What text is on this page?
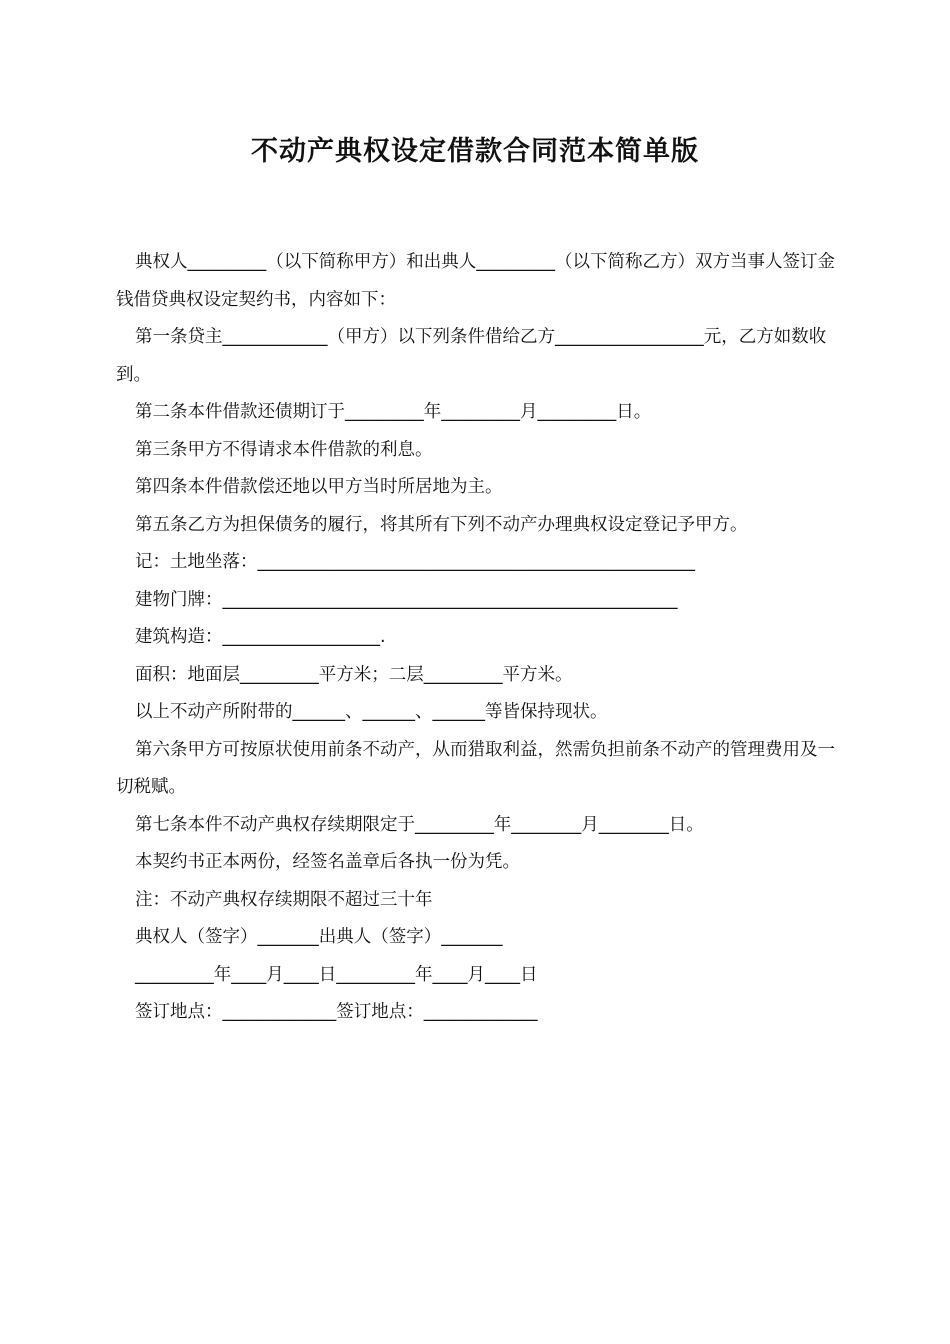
不动产典权设定借款合同范本简单版

典权人_________（以下简称甲方）和出典人_________（以下简称乙方）双方当事人签订金钱借贷典权设定契约书，内容如下：

第一条贷主____________（甲方）以下列条件借给乙方_________________元，乙方如数收到。

第二条本件借款还债期订于_________年_________月_________日。

第三条甲方不得请求本件借款的利息。

第四条本件借款偿还地以甲方当时所居地为主。

第五条乙方为担保债务的履行，将其所有下列不动产办理典权设定登记予甲方。

记：土地坐落：__________________________________________________

建物门牌：____________________________________________________

建筑构造：__________________.

面积：地面层_________平方米；二层_________平方米。

以上不动产所附带的______、______、______等皆保持现状。

第六条甲方可按原状使用前条不动产，从而猎取利益，然需负担前条不动产的管理费用及一切税赋。

第七条本件不动产典权存续期限定于_________年________月________日。

本契约书正本两份，经签名盖章后各执一份为凭。

注：不动产典权存续期限不超过三十年

典权人（签字）_______出典人（签字）_______

_________年____月____日_________年____月____日

签订地点：_____________签订地点：_____________
